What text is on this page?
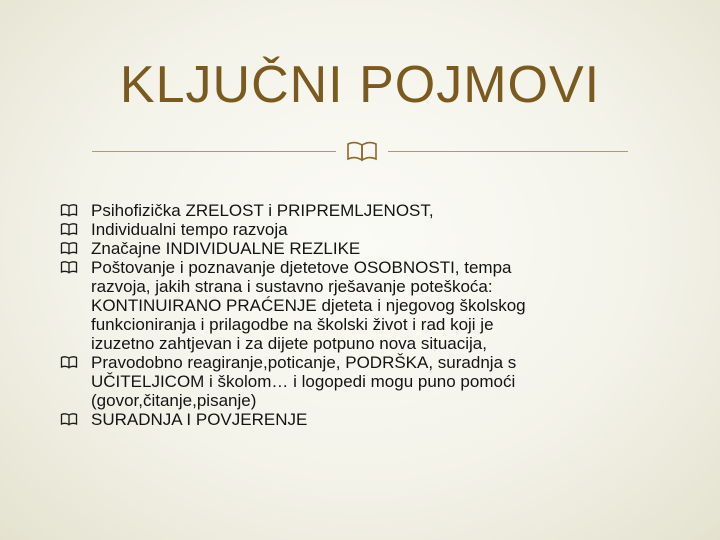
KLJUČNI POJMOVI
Psihofizička ZRELOST i PRIPREMLJENOST,
Individualni tempo razvoja
Značajne INDIVIDUALNE REZLIKE
Poštovanje i poznavanje djetetove OSOBNOSTI, tempa
razvoja, jakih strana i sustavno rješavanje poteškoća:
KONTINUIRANO PRAĆENJE djeteta i njegovog školskog
funkcioniranja i prilagodbe na školski život i rad koji je
izuzetno zahtjevan i za dijete potpuno nova situacija,
Pravodobno reagiranje,poticanje, PODRŠKA, suradnja s
UČITELJICOM i školom… i logopedi mogu puno pomoći
(govor,čitanje,pisanje)
SURADNJA I POVJERENJE
